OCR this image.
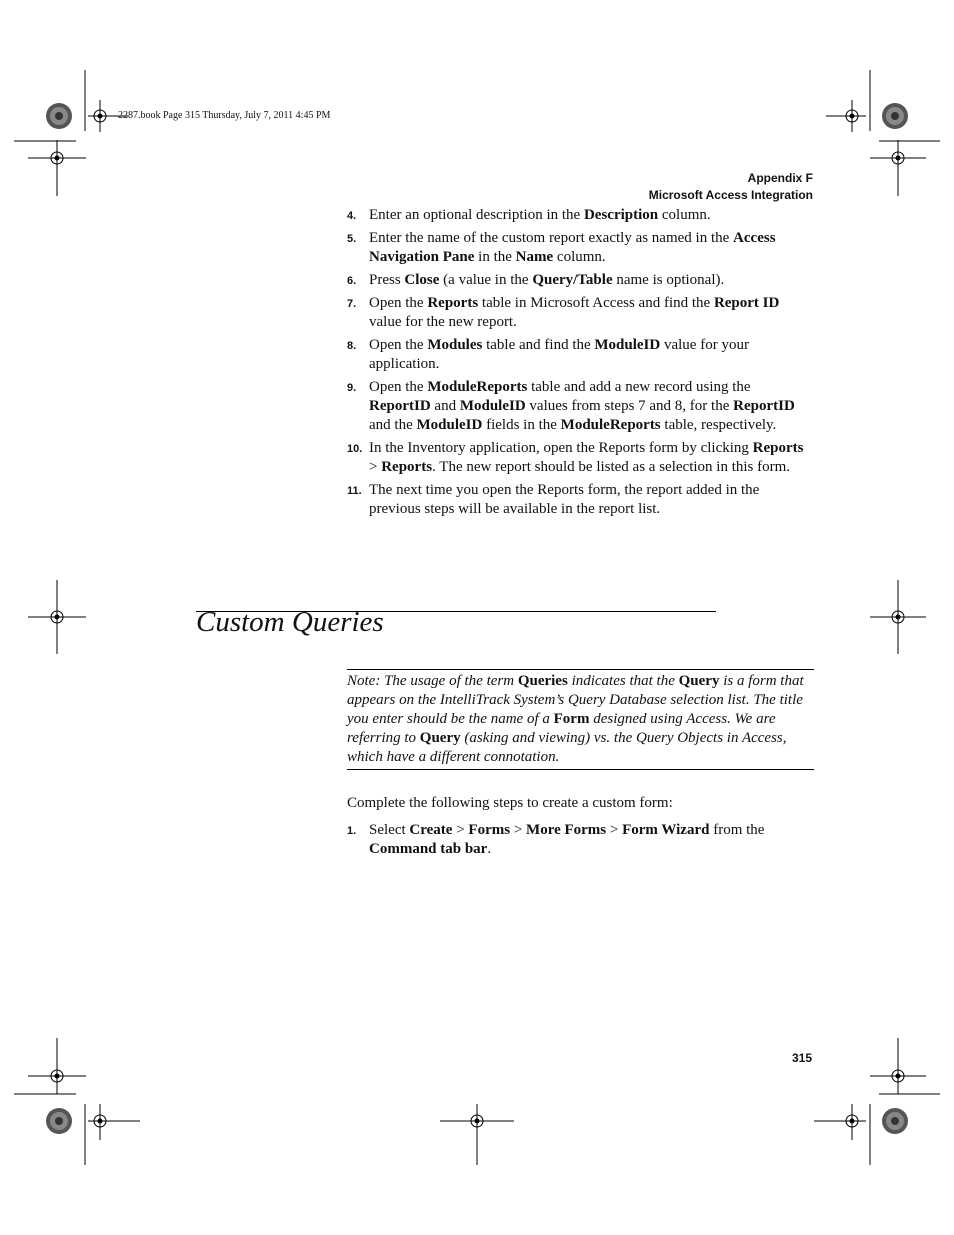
2287.book Page 315 Thursday, July 7, 2011 4:45 PM
Appendix F
Microsoft Access Integration
4. Enter an optional description in the Description column.
5. Enter the name of the custom report exactly as named in the Access Navigation Pane in the Name column.
6. Press Close (a value in the Query/Table name is optional).
7. Open the Reports table in Microsoft Access and find the Report ID value for the new report.
8. Open the Modules table and find the ModuleID value for your application.
9. Open the ModuleReports table and add a new record using the ReportID and ModuleID values from steps 7 and 8, for the ReportID and the ModuleID fields in the ModuleReports table, respectively.
10. In the Inventory application, open the Reports form by clicking Reports > Reports. The new report should be listed as a selection in this form.
11. The next time you open the Reports form, the report added in the previous steps will be available in the report list.
Custom Queries
Note: The usage of the term Queries indicates that the Query is a form that appears on the IntelliTrack System’s Query Database selection list. The title you enter should be the name of a Form designed using Access. We are referring to Query (asking and viewing) vs. the Query Objects in Access, which have a different connotation.
Complete the following steps to create a custom form:
1. Select Create > Forms > More Forms > Form Wizard from the Command tab bar.
315
